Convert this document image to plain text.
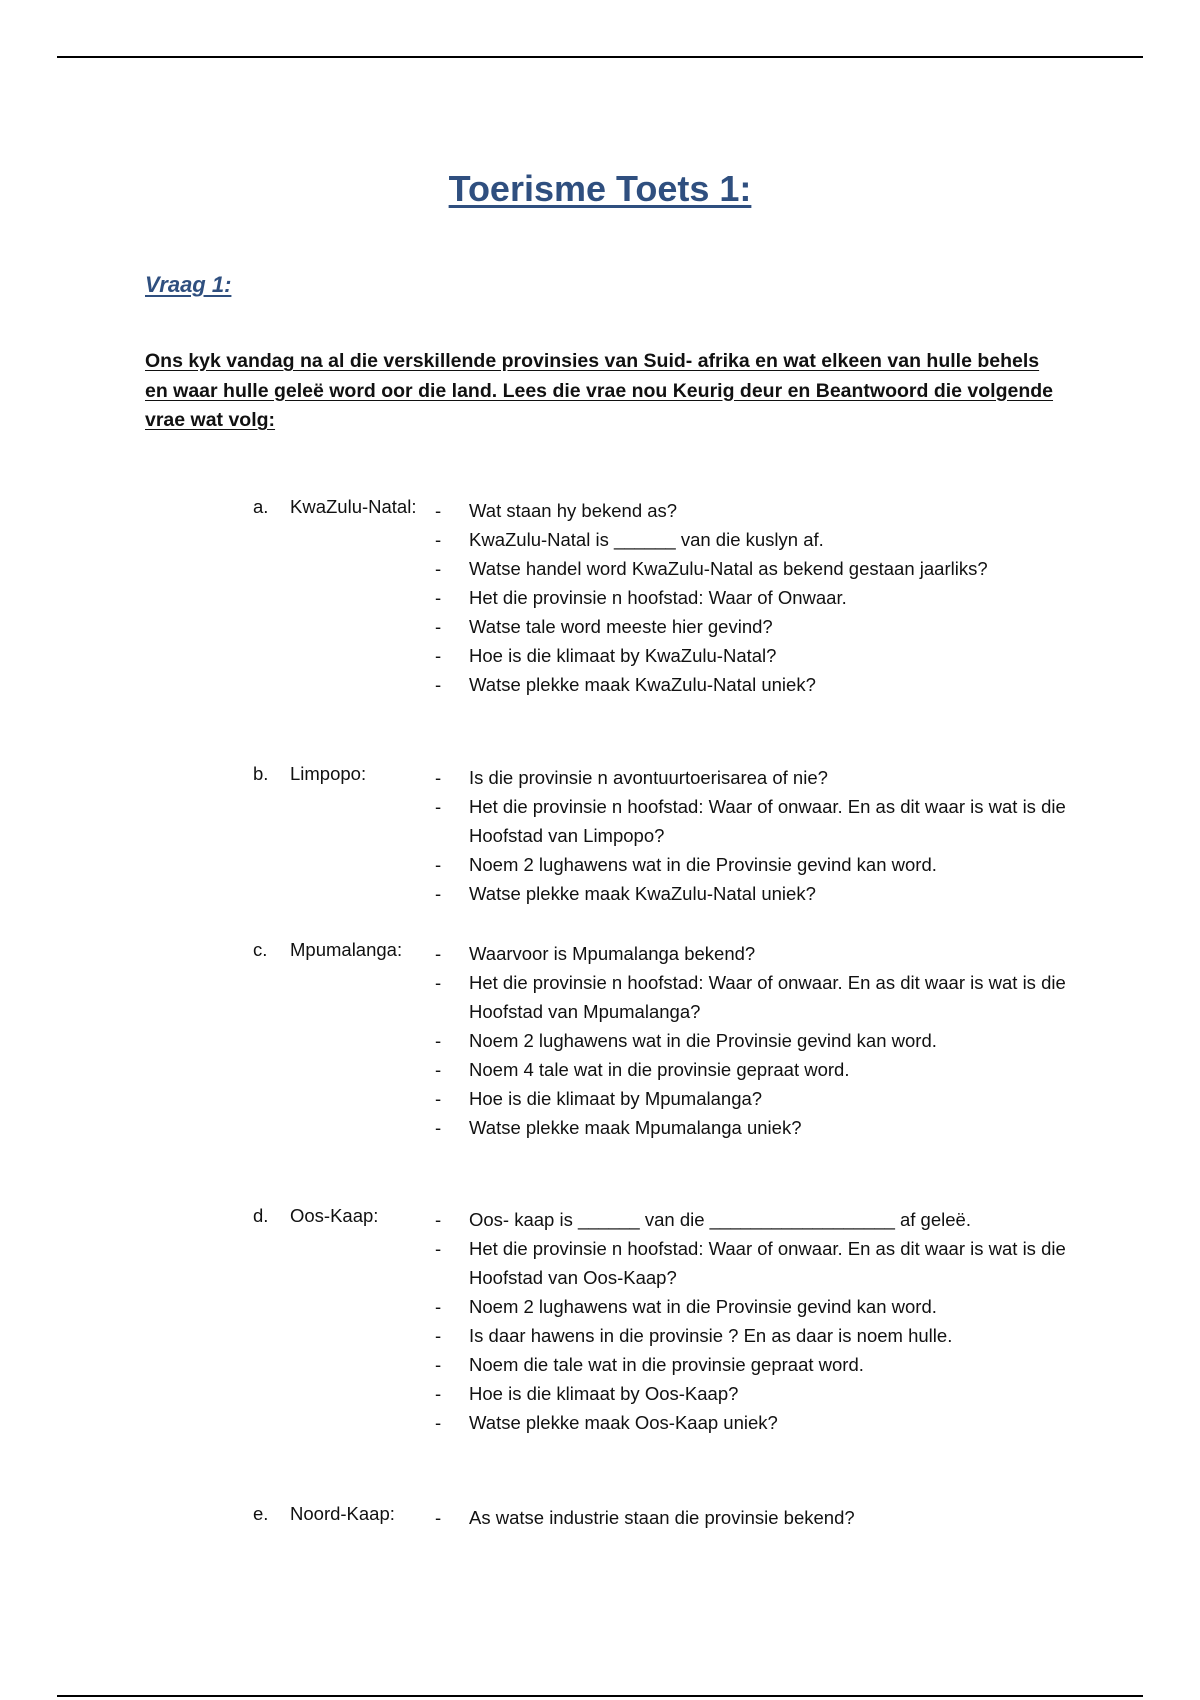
Toerisme Toets 1:
Vraag 1:
Ons kyk vandag na al die verskillende provinsies van Suid- afrika en wat elkeen van hulle behels en waar hulle geleë word oor die land. Lees die vrae nou Keurig deur en Beantwoord die volgende vrae wat volg:
a. KwaZulu-Natal: - Wat staan hy bekend as?
- KwaZulu-Natal is ______ van die kuslyn af.
- Watse handel word KwaZulu-Natal as bekend gestaan jaarliks?
- Het die provinsie n hoofstad: Waar of Onwaar.
- Watse tale word meeste hier gevind?
- Hoe is die klimaat by KwaZulu-Natal?
- Watse plekke maak KwaZulu-Natal uniek?
b. Limpopo:	- Is die provinsie n avontuurtoerisarea of nie?
- Het die provinsie n hoofstad: Waar of onwaar. En as dit waar is wat is die Hoofstad van Limpopo?
- Noem 2 lughawens wat in die Provinsie gevind kan word.
- Watse plekke maak KwaZulu-Natal uniek?
c. Mpumalanga: - Waarvoor is Mpumalanga bekend?
- Het die provinsie n hoofstad: Waar of onwaar. En as dit waar is wat is die Hoofstad van Mpumalanga?
- Noem 2 lughawens wat in die Provinsie gevind kan word.
- Noem 4 tale wat in die provinsie gepraat word.
- Hoe is die klimaat by Mpumalanga?
- Watse plekke maak Mpumalanga uniek?
d. Oos-Kaap:	- Oos- kaap is ______ van die __________________ af geleë.
- Het die provinsie n hoofstad: Waar of onwaar. En as dit waar is wat is die Hoofstad van Oos-Kaap?
- Noem 2 lughawens wat in die Provinsie gevind kan word.
- Is daar hawens in die provinsie ? En as daar is noem hulle.
- Noem die tale wat in die provinsie gepraat word.
- Hoe is die klimaat by Oos-Kaap?
- Watse plekke maak Oos-Kaap uniek?
e. Noord-Kaap: - As watse industrie staan die provinsie bekend?
